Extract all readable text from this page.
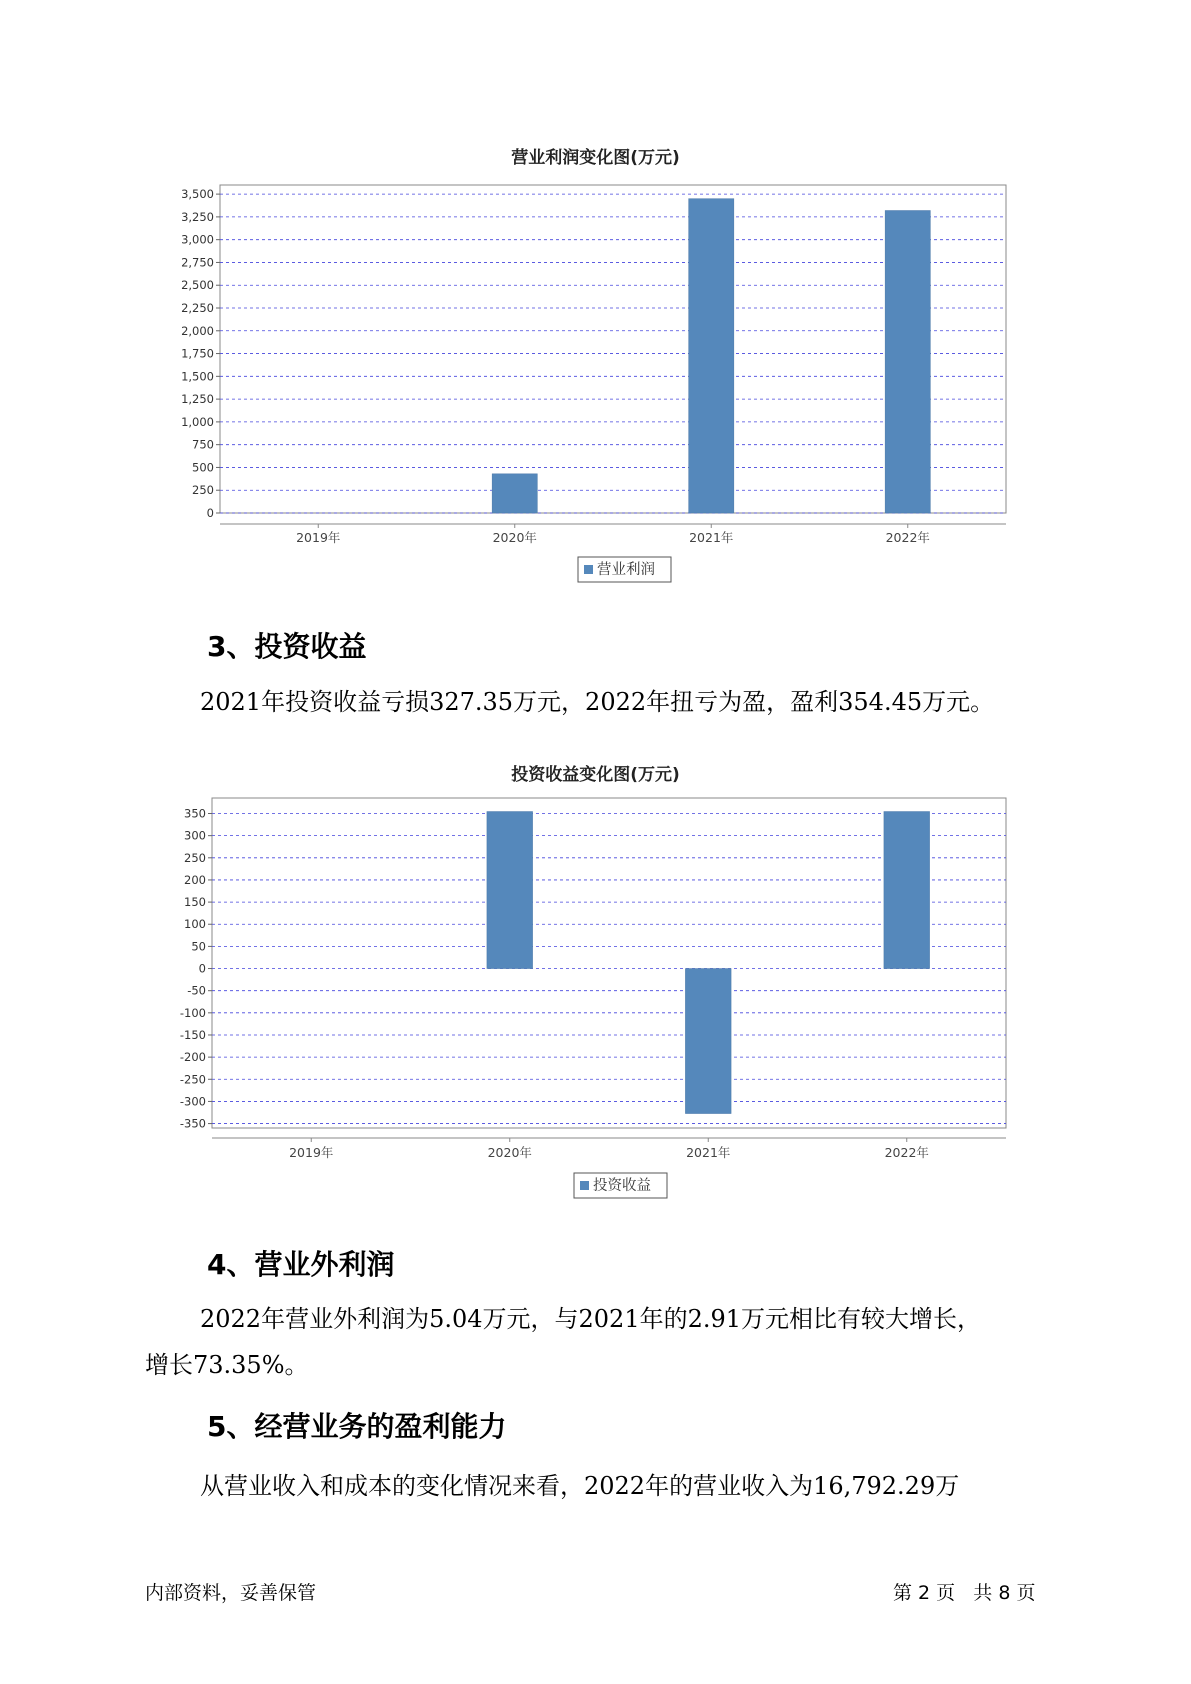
营业利润变化图(万元)
0
250
500
750
1,000
1,250
1,500
1,750
2,000
2,250
2,500
2,750
3,000
3,250
3,500
2019年	2020年	2021年	2022年
营业利润
3、投资收益
2021年投资收益亏损327.35万元，2022年扭亏为盈，盈利354.45万元。
投资收益变化图(万元)
-350
-300
-250
-200
-150
-100
-50
0
50
100
150
200
250
300
350
2019年	2020年	2021年	2022年
投资收益
4、营业外利润
2022年营业外利润为5.04万元，与2021年的2.91万元相比有较大增长，
增长73.35%。
5、经营业务的盈利能力
从营业收入和成本的变化情况来看，2022年的营业收入为16,792.29万
内部资料，妥善保管	第 2 页   共 8 页
